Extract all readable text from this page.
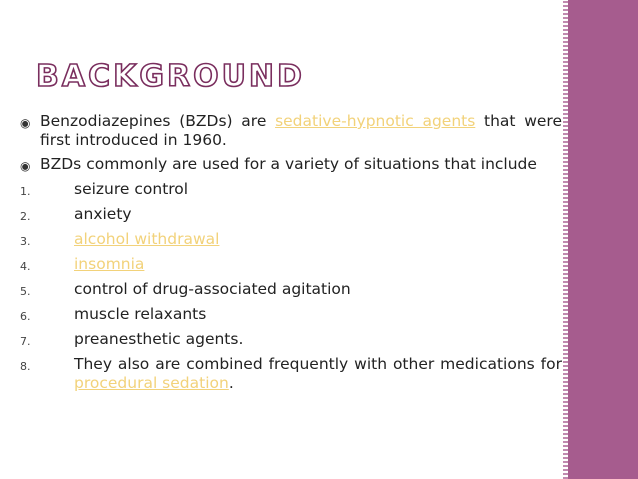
BACKGROUND
◉ Benzodiazepines (BZDs) are sedative-hypnotic agents that were first introduced in 1960.
◉ BZDs commonly are used for a variety of situations that include
1.	seizure control
2.	anxiety
3.	alcohol withdrawal
4.	insomnia
5.	control of drug-associated agitation
6.	muscle relaxants
7.	preanesthetic agents.
8.	They also are combined frequently with other medications for procedural sedation.
